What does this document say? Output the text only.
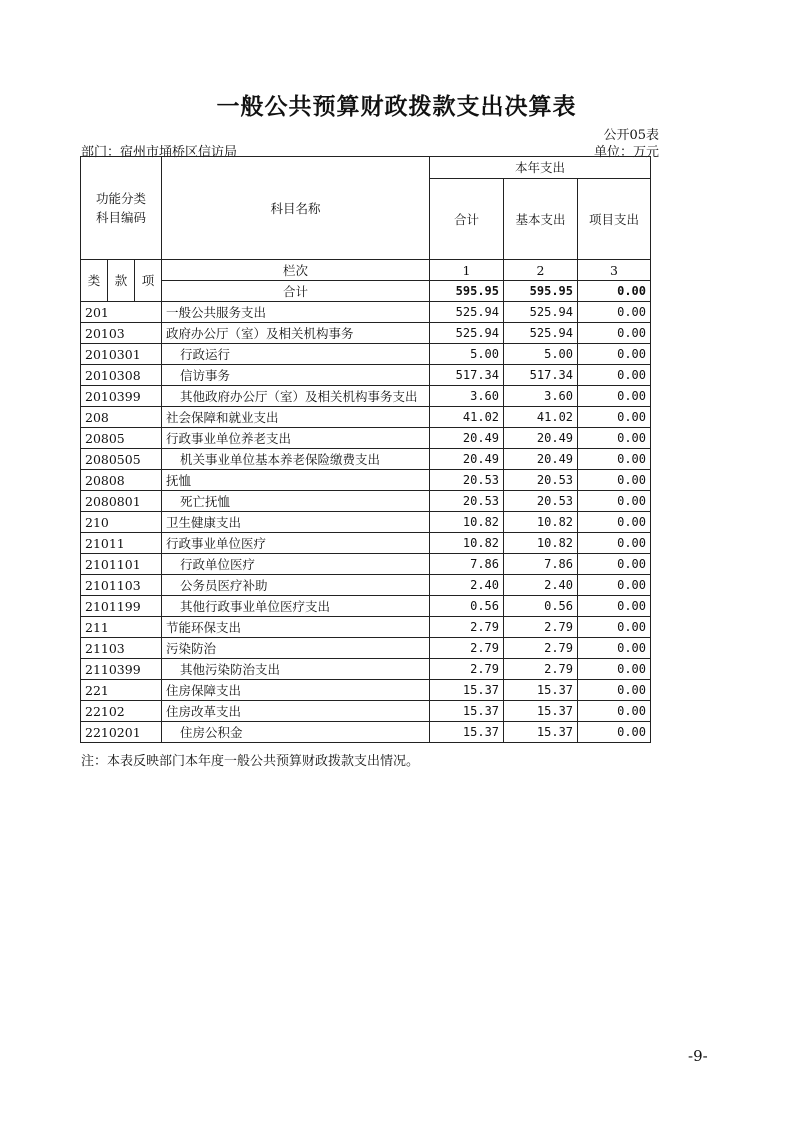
一般公共预算财政拨款支出决算表
公开05表
部门：宿州市埇桥区信访局	单位：万元
功能分类科目编码			科目名称	本年支出		
				合计	基本支出	项目支出

类	款	项	栏次	1	2	3
			合计	595.95	595.95	0.00
201			一般公共服务支出	525.94	525.94	0.00
20103			政府办公厅（室）及相关机构事务	525.94	525.94	0.00
2010301			行政运行	5.00	5.00	0.00
2010308			信访事务	517.34	517.34	0.00
2010399			其他政府办公厅（室）及相关机构事务支出	3.60	3.60	0.00
208			社会保障和就业支出	41.02	41.02	0.00
20805			行政事业单位养老支出	20.49	20.49	0.00
2080505			机关事业单位基本养老保险缴费支出	20.49	20.49	0.00
20808			抚恤	20.53	20.53	0.00
2080801			死亡抚恤	20.53	20.53	0.00
210			卫生健康支出	10.82	10.82	0.00
21011			行政事业单位医疗	10.82	10.82	0.00
2101101			行政单位医疗	7.86	7.86	0.00
2101103			公务员医疗补助	2.40	2.40	0.00
2101199			其他行政事业单位医疗支出	0.56	0.56	0.00
211			节能环保支出	2.79	2.79	0.00
21103			污染防治	2.79	2.79	0.00
2110399			其他污染防治支出	2.79	2.79	0.00
221			住房保障支出	15.37	15.37	0.00
22102			住房改革支出	15.37	15.37	0.00
2210201			住房公积金	15.37	15.37	0.00
注：本表反映部门本年度一般公共预算财政拨款支出情况。
-9-
